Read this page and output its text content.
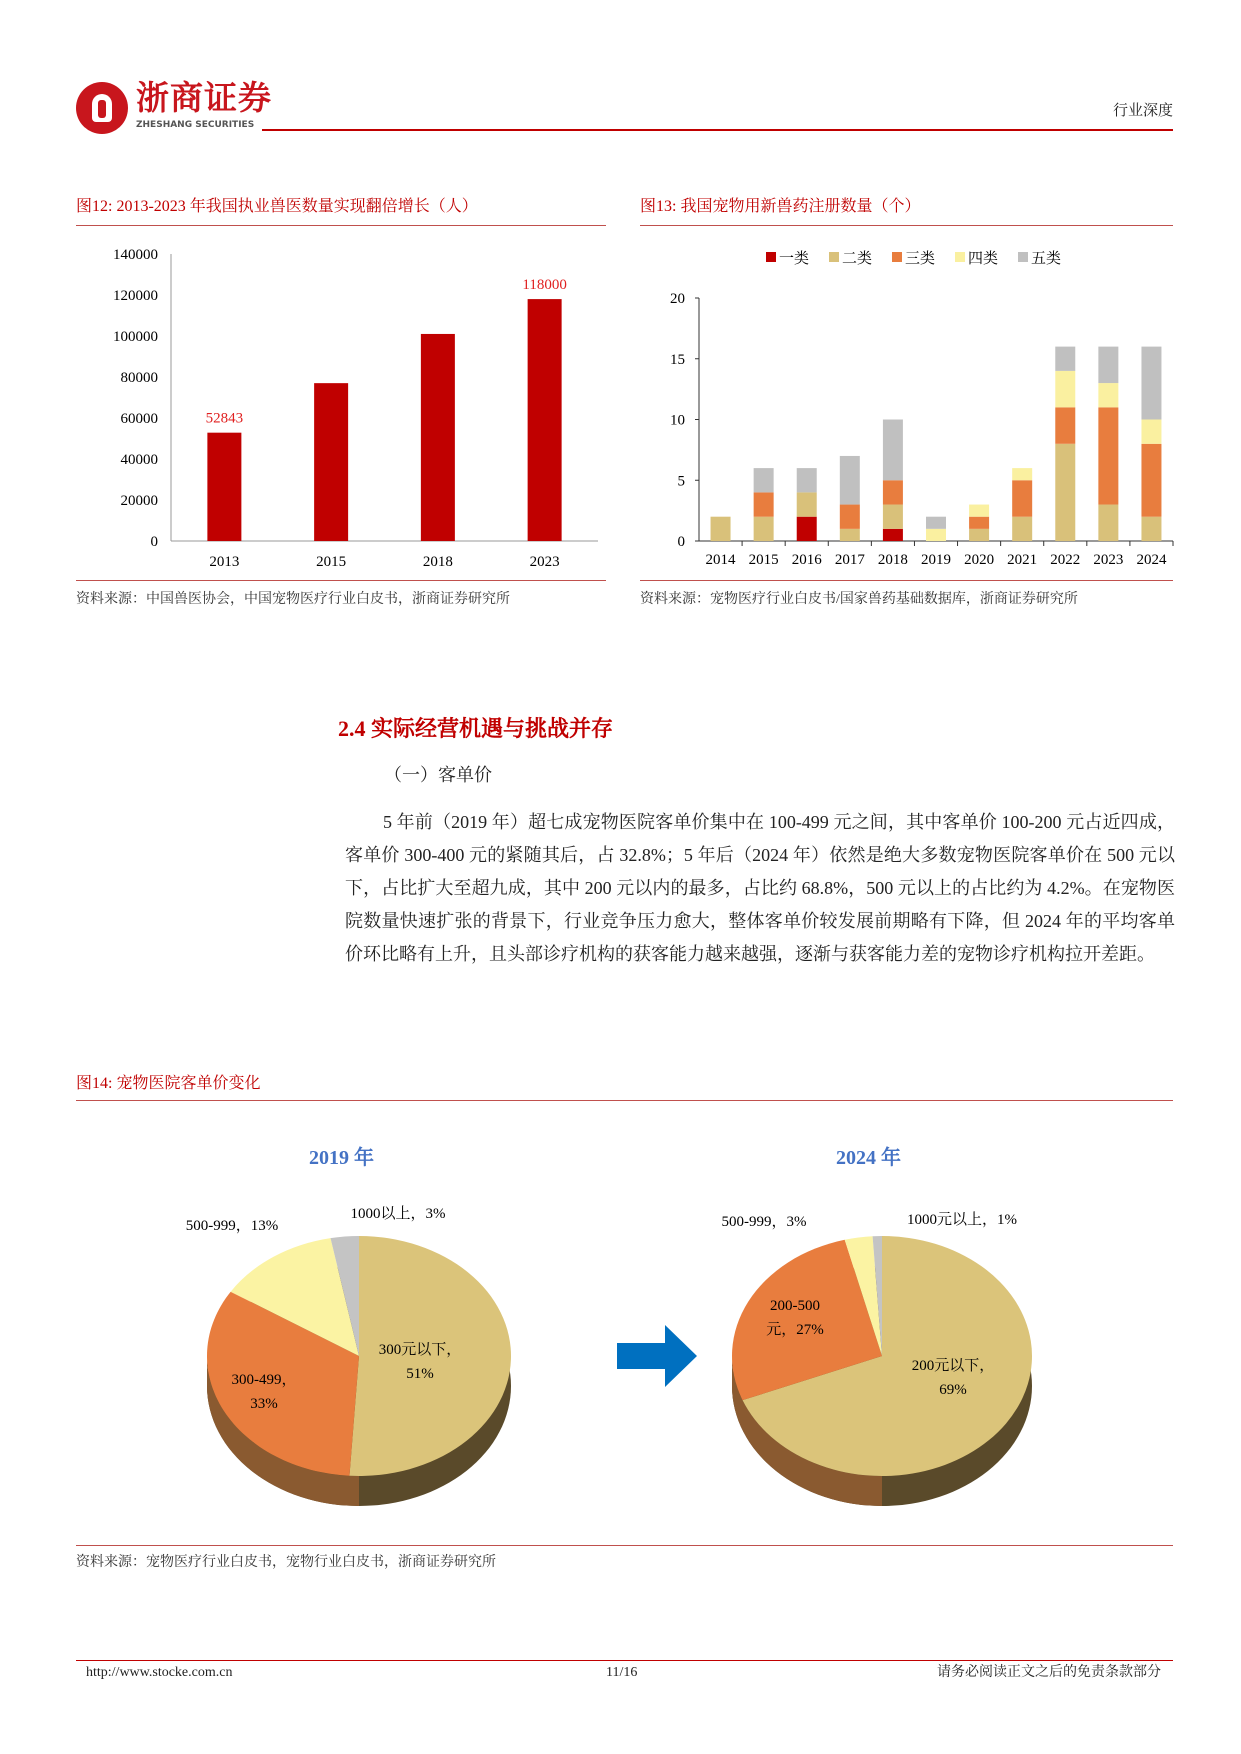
浙商证券
ZHESHANG SECURITIES
行业深度
图12: 2013-2023 年我国执业兽医数量实现翻倍增长（人）
0
20000
40000
60000
80000
100000
120000
140000
2013
52843
2015	2018	2023
118000
0
5
10
15
20
2014 2015 2016 2017 2018 2019 2020 2021 2022 2023 2024
一类 二类 三类 四类 五类
资料来源：中国兽医协会，中国宠物医疗行业白皮书，浙商证券研究所
图13: 我国宠物用新兽药注册数量（个）
资料来源：宠物医疗行业白皮书/国家兽药基础数据库，浙商证券研究所
2.4 实际经营机遇与挑战并存
（一）客单价
5 年前（2019 年）超七成宠物医院客单价集中在 100-499 元之间，其中客单价 100-200 元占近四成，客单价 300-400 元的紧随其后，占 32.8%；5 年后（2024 年）依然是绝大多数宠物医院客单价在 500 元以下，占比扩大至超九成，其中 200 元以内的最多，占比约 68.8%，500 元以上的占比约为 4.2%。在宠物医院数量快速扩张的背景下，行业竞争压力愈大，整体客单价较发展前期略有下降，但 2024 年的平均客单价环比略有上升，且头部诊疗机构的获客能力越来越强，逐渐与获客能力差的宠物诊疗机构拉开差距。
图14: 宠物医院客单价变化
2019 年	2024 年
300元以下，
51%
300-499，
33%
500-999，13%
1000以上，3%
200元以下，
69%
200-500
元，27%
500-999，3%	1000元以上，1%
资料来源：宠物医疗行业白皮书，宠物行业白皮书，浙商证券研究所
http://www.stocke.com.cn	11/16	请务必阅读正文之后的免责条款部分
